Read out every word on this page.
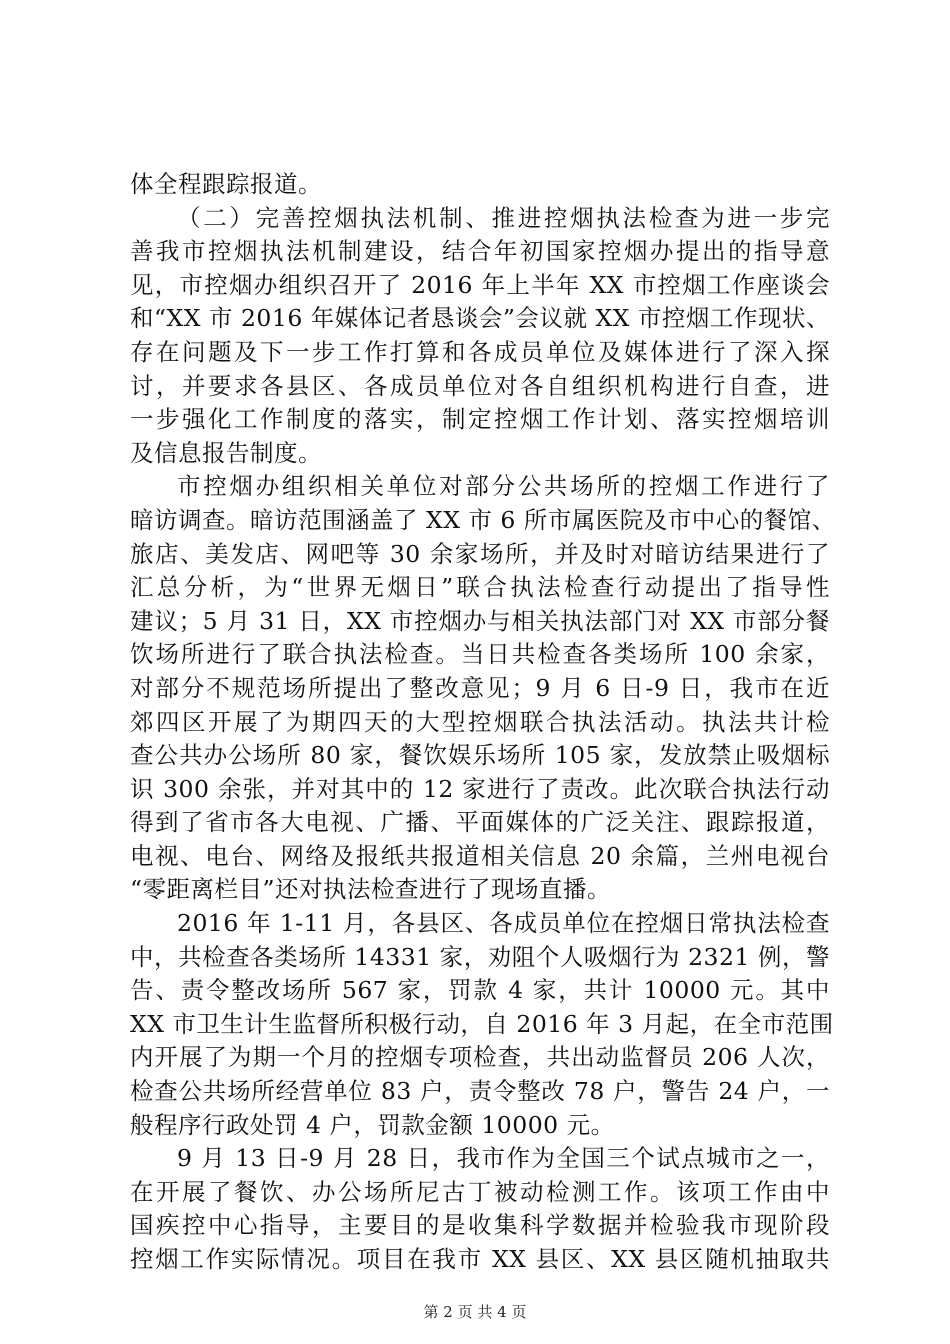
体全程跟踪报道。
（二）完善控烟执法机制、推进控烟执法检查为进一步完
善我市控烟执法机制建设，结合年初国家控烟办提出的指导意
见，市控烟办组织召开了 2016 年上半年 XX 市控烟工作座谈会
和“XX 市 2016 年媒体记者恳谈会”会议就 XX 市控烟工作现状、
存在问题及下一步工作打算和各成员单位及媒体进行了深入探
讨，并要求各县区、各成员单位对各自组织机构进行自查，进
一步强化工作制度的落实，制定控烟工作计划、落实控烟培训
及信息报告制度。
市控烟办组织相关单位对部分公共场所的控烟工作进行了
暗访调查。暗访范围涵盖了 XX 市 6 所市属医院及市中心的餐馆、
旅店、美发店、网吧等 30 余家场所，并及时对暗访结果进行了
汇总分析，为“世界无烟日”联合执法检查行动提出了指导性
建议；5 月 31 日，XX 市控烟办与相关执法部门对 XX 市部分餐
饮场所进行了联合执法检查。当日共检查各类场所 100 余家，
对部分不规范场所提出了整改意见；9 月 6 日-9 日，我市在近
郊四区开展了为期四天的大型控烟联合执法活动。执法共计检
查公共办公场所 80 家，餐饮娱乐场所 105 家，发放禁止吸烟标
识 300 余张，并对其中的 12 家进行了责改。此次联合执法行动
得到了省市各大电视、广播、平面媒体的广泛关注、跟踪报道，
电视、电台、网络及报纸共报道相关信息 20 余篇，兰州电视台
“零距离栏目”还对执法检查进行了现场直播。
2016 年 1-11 月，各县区、各成员单位在控烟日常执法检查
中，共检查各类场所 14331 家，劝阻个人吸烟行为 2321 例，警
告、责令整改场所 567 家，罚款 4 家，共计 10000 元。其中
XX 市卫生计生监督所积极行动，自 2016 年 3 月起，在全市范围
内开展了为期一个月的控烟专项检查，共出动监督员 206 人次，
检查公共场所经营单位 83 户，责令整改 78 户，警告 24 户，一
般程序行政处罚 4 户，罚款金额 10000 元。
9 月 13 日-9 月 28 日，我市作为全国三个试点城市之一，
在开展了餐饮、办公场所尼古丁被动检测工作。该项工作由中
国疾控中心指导，主要目的是收集科学数据并检验我市现阶段
控烟工作实际情况。项目在我市 XX 县区、XX 县区随机抽取共
第 2 页 共 4 页
